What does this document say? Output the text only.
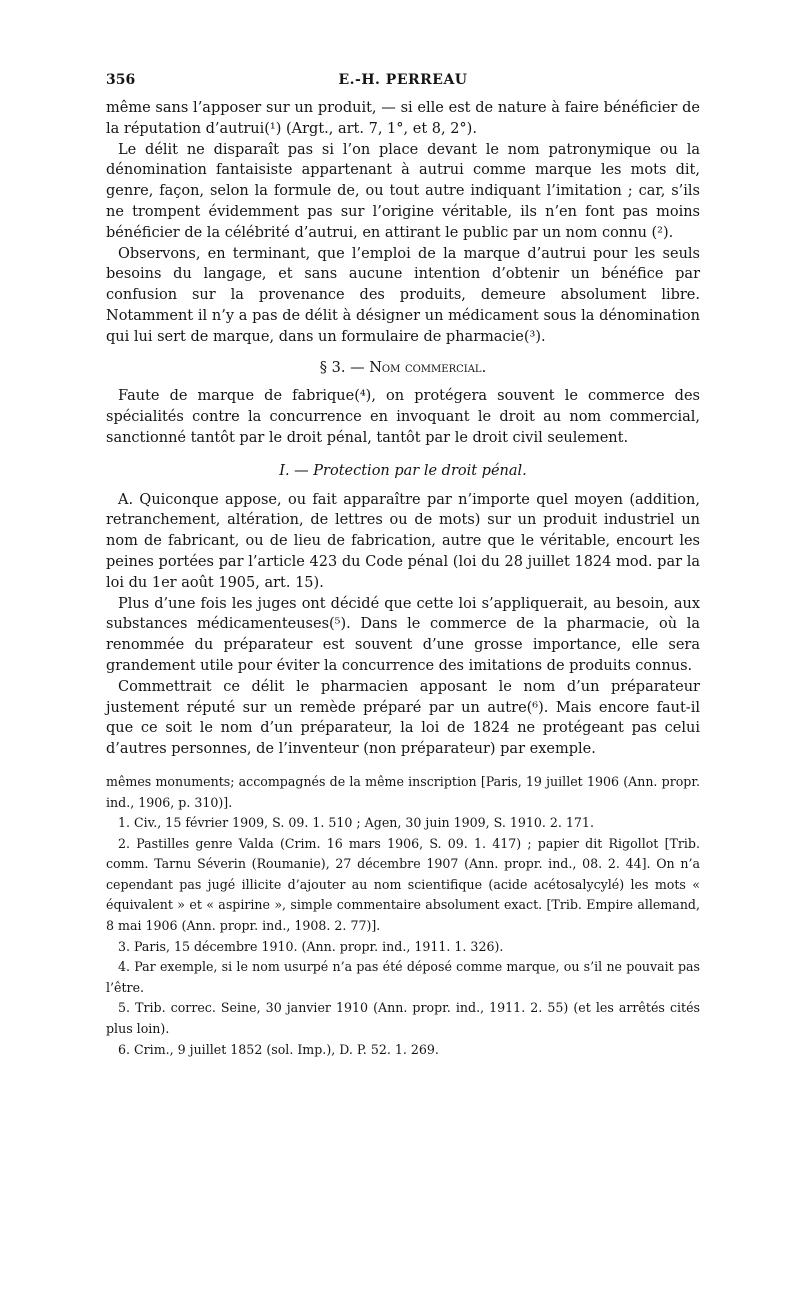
356	E.-H. PERREAU

même sans l’apposer sur un produit, — si elle est de nature à faire bénéficier de la réputation d’autrui(¹) (Argt., art. 7, 1°, et 8, 2°).

Le délit ne disparaît pas si l’on place devant le nom patronymique ou la dénomination fantaisiste appartenant à autrui comme marque les mots dit, genre, façon, selon la formule de, ou tout autre indiquant l’imitation ; car, s’ils ne trompent évidemment pas sur l’origine véritable, ils n’en font pas moins bénéficier de la célébrité d’autrui, en attirant le public par un nom connu (²).

Observons, en terminant, que l’emploi de la marque d’autrui pour les seuls besoins du langage, et sans aucune intention d’obtenir un bénéfice par confusion sur la provenance des produits, demeure absolument libre. Notamment il n’y a pas de délit à désigner un médicament sous la dénomination qui lui sert de marque, dans un formulaire de pharmacie(³).

§ 3. — Nom commercial.

Faute de marque de fabrique(⁴), on protégera souvent le commerce des spécialités contre la concurrence en invoquant le droit au nom commercial, sanctionné tantôt par le droit pénal, tantôt par le droit civil seulement.

I. — Protection par le droit pénal.

A. Quiconque appose, ou fait apparaître par n’importe quel moyen (addition, retranchement, altération, de lettres ou de mots) sur un produit industriel un nom de fabricant, ou de lieu de fabrication, autre que le véritable, encourt les peines portées par l’article 423 du Code pénal (loi du 28 juillet 1824 mod. par la loi du 1er août 1905, art. 15).

Plus d’une fois les juges ont décidé que cette loi s’appliquerait, au besoin, aux substances médicamenteuses(⁵). Dans le commerce de la pharmacie, où la renommée du préparateur est souvent d’une grosse importance, elle sera grandement utile pour éviter la concurrence des imitations de produits connus.

Commettrait ce délit le pharmacien apposant le nom d’un préparateur justement réputé sur un remède préparé par un autre(⁶). Mais encore faut-il que ce soit le nom d’un préparateur, la loi de 1824 ne protégeant pas celui d’autres personnes, de l’inventeur (non préparateur) par exemple.

mêmes monuments; accompagnés de la même inscription [Paris, 19 juillet 1906 (Ann. propr. ind., 1906, p. 310)].

1. Civ., 15 février 1909, S. 09. 1. 510 ; Agen, 30 juin 1909, S. 1910. 2. 171.

2. Pastilles genre Valda (Crim. 16 mars 1906, S. 09. 1. 417) ; papier dit Rigollot [Trib. comm. Tarnu Séverin (Roumanie), 27 décembre 1907 (Ann. propr. ind., 08. 2. 44]. On n’a cependant pas jugé illicite d’ajouter au nom scientifique (acide acétosalycylé) les mots « équivalent » et « aspirine », simple commentaire absolument exact. [Trib. Empire allemand, 8 mai 1906 (Ann. propr. ind., 1908. 2. 77)].

3. Paris, 15 décembre 1910. (Ann. propr. ind., 1911. 1. 326).

4. Par exemple, si le nom usurpé n’a pas été déposé comme marque, ou s’il ne pouvait pas l’être.

5. Trib. correc. Seine, 30 janvier 1910 (Ann. propr. ind., 1911. 2. 55) (et les arrêtés cités plus loin).

6. Crim., 9 juillet 1852 (sol. Imp.), D. P. 52. 1. 269.
